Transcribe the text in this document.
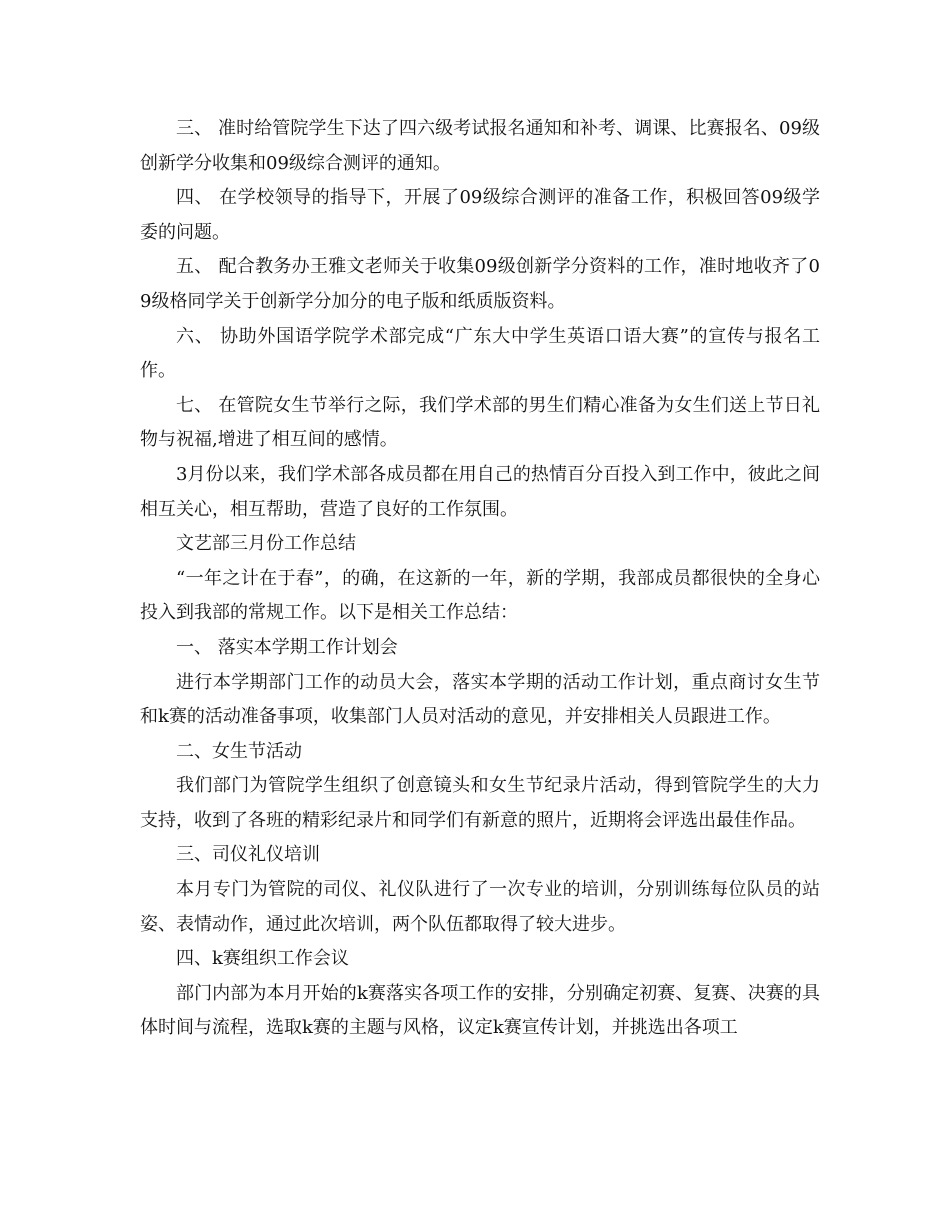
三、 准时给管院学生下达了四六级考试报名通知和补考、调课、比赛报名、09级创新学分收集和09级综合测评的通知。

四、 在学校领导的指导下，开展了09级综合测评的准备工作，积极回答09级学委的问题。

五、 配合教务办王雅文老师关于收集09级创新学分资料的工作，准时地收齐了09级格同学关于创新学分加分的电子版和纸质版资料。

六、 协助外国语学院学术部完成“广东大中学生英语口语大赛”的宣传与报名工作。

七、 在管院女生节举行之际，我们学术部的男生们精心准备为女生们送上节日礼物与祝福,增进了相互间的感情。

3月份以来，我们学术部各成员都在用自己的热情百分百投入到工作中，彼此之间相互关心，相互帮助，营造了良好的工作氛围。

文艺部三月份工作总结

“一年之计在于春”，的确，在这新的一年，新的学期，我部成员都很快的全身心投入到我部的常规工作。以下是相关工作总结：

一、 落实本学期工作计划会

进行本学期部门工作的动员大会，落实本学期的活动工作计划，重点商讨女生节和k赛的活动准备事项，收集部门人员对活动的意见，并安排相关人员跟进工作。

二、女生节活动

我们部门为管院学生组织了创意镜头和女生节纪录片活动，得到管院学生的大力支持，收到了各班的精彩纪录片和同学们有新意的照片，近期将会评选出最佳作品。

三、司仪礼仪培训

本月专门为管院的司仪、礼仪队进行了一次专业的培训，分别训练每位队员的站姿、表情动作，通过此次培训，两个队伍都取得了较大进步。

四、k赛组织工作会议

部门内部为本月开始的k赛落实各项工作的安排，分别确定初赛、复赛、决赛的具体时间与流程，选取k赛的主题与风格，议定k赛宣传计划，并挑选出各项工
